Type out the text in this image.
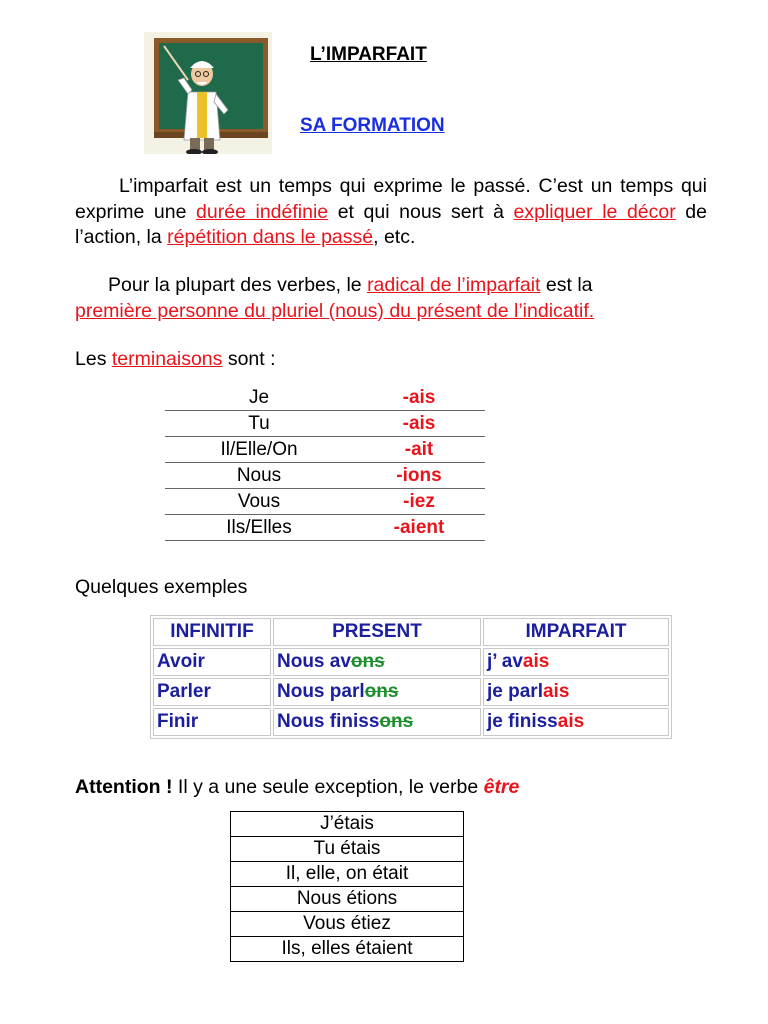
L’IMPARFAIT
SA FORMATION
L’imparfait est un temps qui exprime le passé. C’est un temps qui exprime une durée indéfinie et qui nous sert à expliquer le décor de l’action, la répétition dans le passé, etc.
Pour la plupart des verbes, le radical de l’imparfait est la
première personne du pluriel (nous) du présent de l’indicatif.
Les terminaisons sont :
Je	-ais
Tu	-ais
Il/Elle/On	-ait
Nous	-ions
Vous	-iez
Ils/Elles	-aient
Quelques exemples
INFINITIF	PRESENT	IMPARFAIT
Avoir	Nous avons	j’ avais
Parler	Nous parlons	je parlais
Finir	Nous finissons	je finissais
Attention ! Il y a une seule exception, le verbe être
J’étais
Tu étais
Il, elle, on était
Nous étions
Vous étiez
Ils, elles étaient
